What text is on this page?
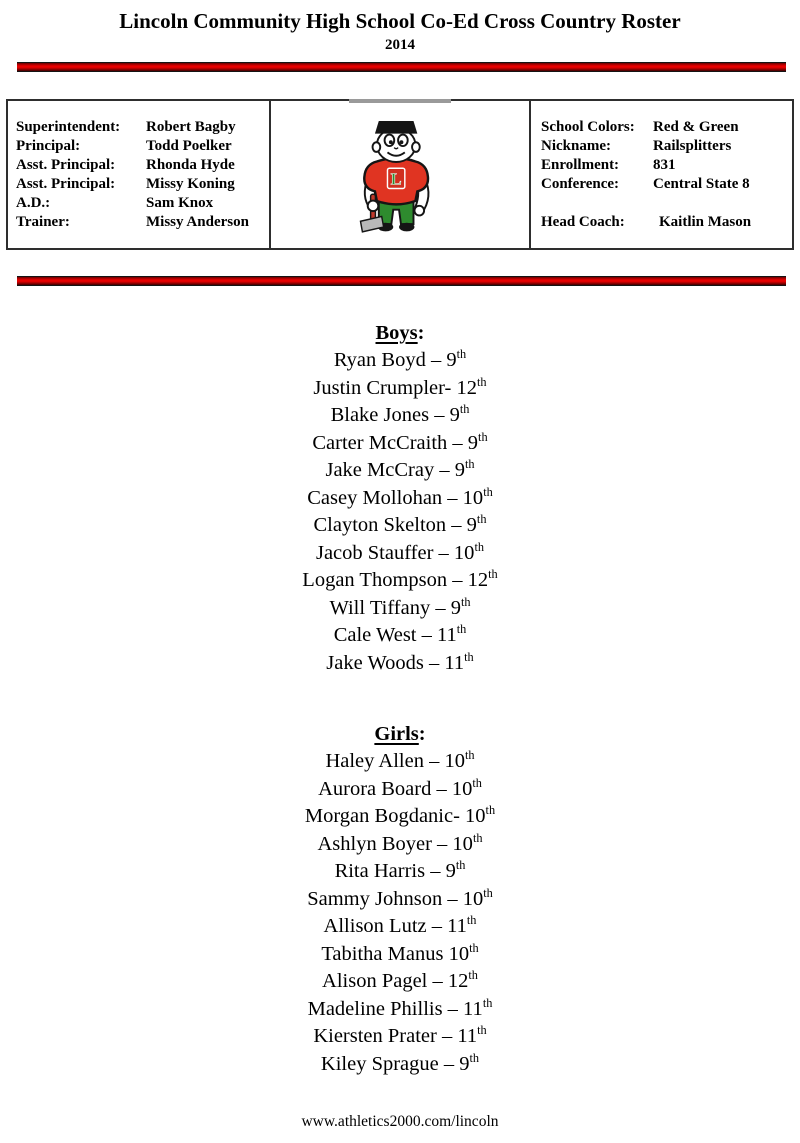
Lincoln Community High School Co-Ed Cross Country Roster
2014
Superintendent:	Robert Bagby
Principal:	Todd Poelker
Asst. Principal:	Rhonda Hyde
Asst. Principal:	Missy Koning
A.D.:	Sam Knox
Trainer:	Missy Anderson
L
School Colors:	Red & Green
Nickname:	Railsplitters
Enrollment:	831
Conference:	Central State 8
Head Coach:	Kaitlin Mason
Boys:
Ryan Boyd – 9th
Justin Crumpler- 12th
Blake Jones – 9th
Carter McCraith – 9th
Jake McCray – 9th
Casey Mollohan – 10th
Clayton Skelton – 9th
Jacob Stauffer – 10th
Logan Thompson – 12th
Will Tiffany – 9th
Cale West – 11th
Jake Woods – 11th
Girls:
Haley Allen – 10th
Aurora Board – 10th
Morgan Bogdanic- 10th
Ashlyn Boyer – 10th
Rita Harris – 9th
Sammy Johnson – 10th
Allison Lutz – 11th
Tabitha Manus 10th
Alison Pagel – 12th
Madeline Phillis – 11th
Kiersten Prater – 11th
Kiley Sprague – 9th
www.athletics2000.com/lincoln
